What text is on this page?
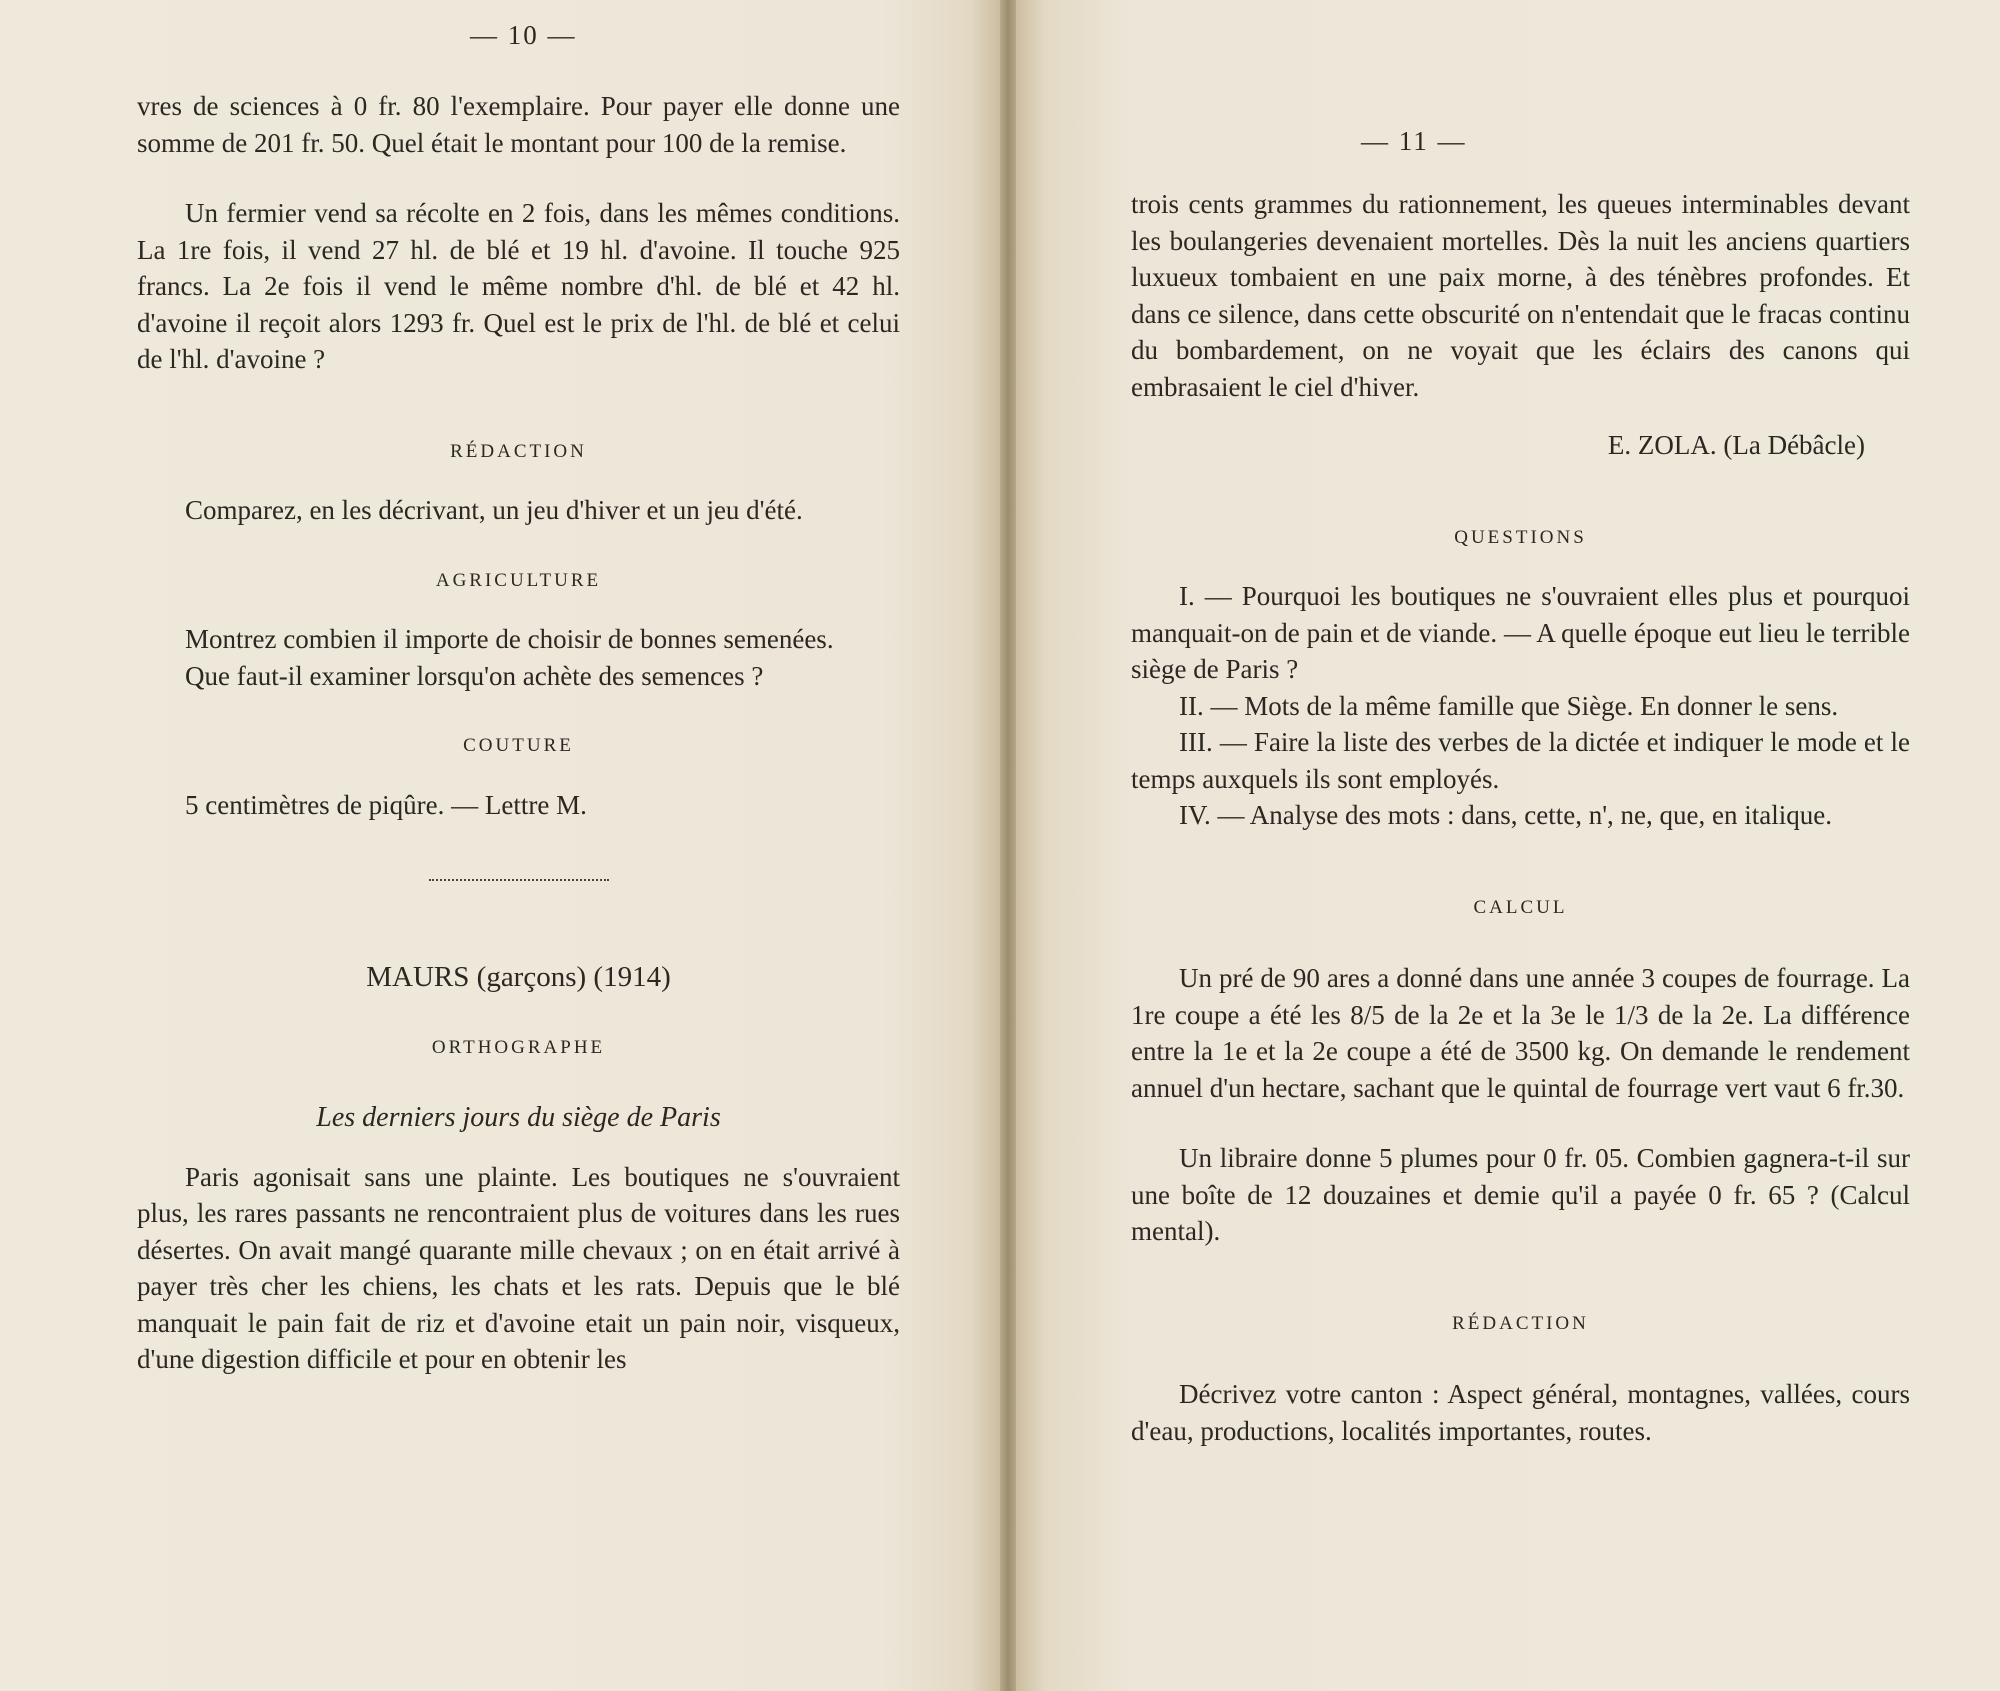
— 10 —

vres de sciences à 0 fr. 80 l'exemplaire. Pour payer elle donne une somme de 201 fr. 50. Quel était le montant pour 100 de la remise.

Un fermier vend sa récolte en 2 fois, dans les mêmes conditions. La 1re fois, il vend 27 hl. de blé et 19 hl. d'avoine. Il touche 925 francs. La 2e fois il vend le même nombre d'hl. de blé et 42 hl. d'avoine il reçoit alors 1293 fr. Quel est le prix de l'hl. de blé et celui de l'hl. d'avoine ?

RÉDACTION

Comparez, en les décrivant, un jeu d'hiver et un jeu d'été.

AGRICULTURE

Montrez combien il importe de choisir de bonnes semenées.

Que faut-il examiner lorsqu'on achète des semences ?

COUTURE

5 centimètres de piqûre. — Lettre M.

MAURS (garçons) (1914)

ORTHOGRAPHE

Les derniers jours du siège de Paris

Paris agonisait sans une plainte. Les boutiques ne s'ouvraient plus, les rares passants ne rencontraient plus de voitures dans les rues désertes. On avait mangé quarante mille chevaux ; on en était arrivé à payer très cher les chiens, les chats et les rats. Depuis que le blé manquait le pain fait de riz et d'avoine etait un pain noir, visqueux, d'une digestion difficile et pour en obtenir les

— 11 —

trois cents grammes du rationnement, les queues interminables devant les boulangeries devenaient mortelles. Dès la nuit les anciens quartiers luxueux tombaient en une paix morne, à des ténèbres profondes. Et dans ce silence, dans cette obscurité on n'entendait que le fracas continu du bombardement, on ne voyait que les éclairs des canons qui embrasaient le ciel d'hiver.

E. ZOLA. (La Débâcle)

QUESTIONS

I. — Pourquoi les boutiques ne s'ouvraient elles plus et pourquoi manquait-on de pain et de viande. — A quelle époque eut lieu le terrible siège de Paris ?

II. — Mots de la même famille que Siège. En donner le sens.

III. — Faire la liste des verbes de la dictée et indiquer le mode et le temps auxquels ils sont employés.

IV. — Analyse des mots : dans, cette, n', ne, que, en italique.

CALCUL

Un pré de 90 ares a donné dans une année 3 coupes de fourrage. La 1re coupe a été les 8/5 de la 2e et la 3e le 1/3 de la 2e. La différence entre la 1e et la 2e coupe a été de 3500 kg. On demande le rendement annuel d'un hectare, sachant que le quintal de fourrage vert vaut 6 fr.30.

Un libraire donne 5 plumes pour 0 fr. 05. Combien gagnera-t-il sur une boîte de 12 douzaines et demie qu'il a payée 0 fr. 65 ? (Calcul mental).

RÉDACTION

Décrivez votre canton : Aspect général, montagnes, vallées, cours d'eau, productions, localités importantes, routes.
